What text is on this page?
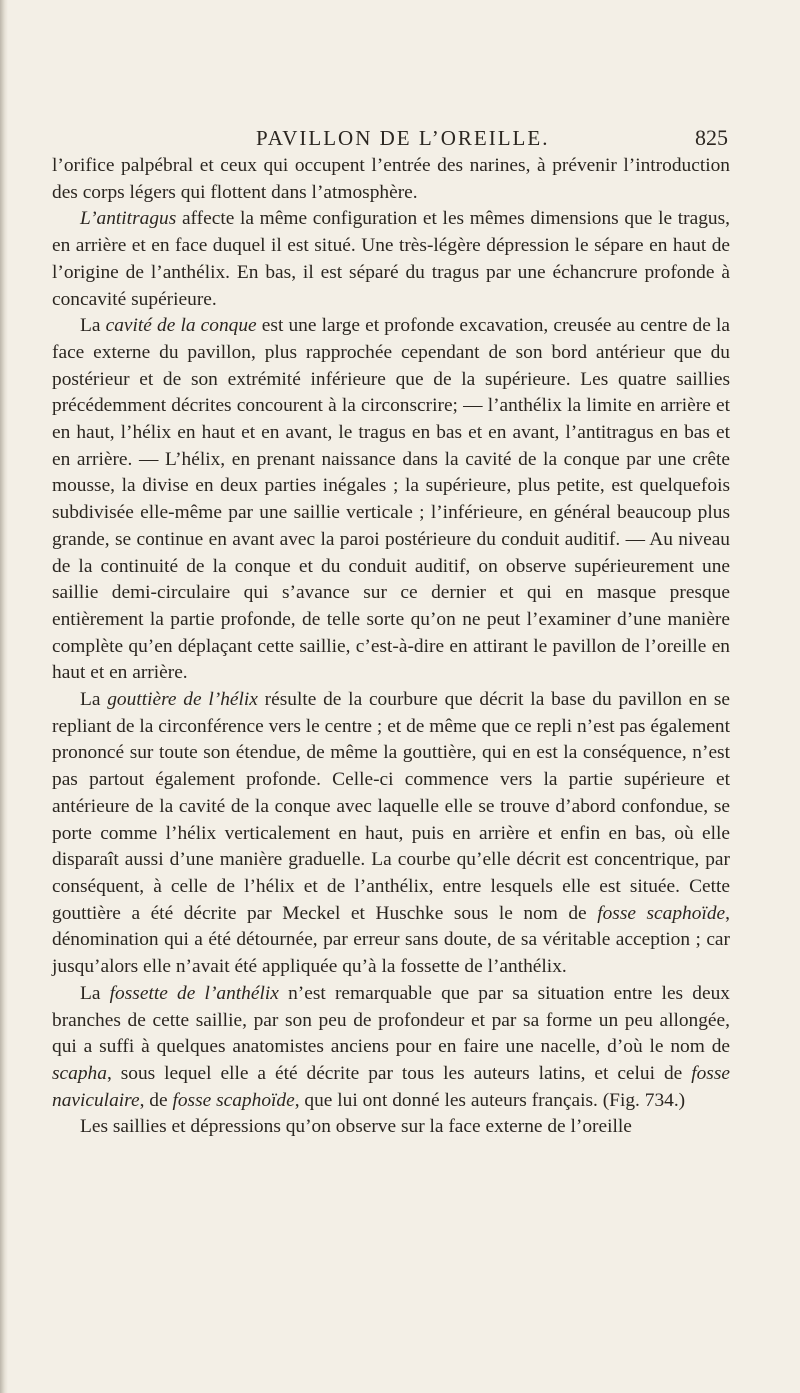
PAVILLON DE L’OREILLE.	825

l’orifice palpébral et ceux qui occupent l’entrée des narines, à prévenir l’introduction des corps légers qui flottent dans l’atmosphère.

L’antitragus affecte la même configuration et les mêmes dimensions que le tragus, en arrière et en face duquel il est situé. Une très-légère dépression le sépare en haut de l’origine de l’anthélix. En bas, il est séparé du tragus par une échancrure profonde à concavité supérieure.

La cavité de la conque est une large et profonde excavation, creusée au centre de la face externe du pavillon, plus rapprochée cependant de son bord antérieur que du postérieur et de son extrémité inférieure que de la supérieure. Les quatre saillies précédemment décrites concourent à la circonscrire; — l’anthélix la limite en arrière et en haut, l’hélix en haut et en avant, le tragus en bas et en avant, l’antitragus en bas et en arrière. — L’hélix, en prenant naissance dans la cavité de la conque par une crête mousse, la divise en deux parties inégales ; la supérieure, plus petite, est quelquefois subdivisée elle-même par une saillie verticale ; l’inférieure, en général beaucoup plus grande, se continue en avant avec la paroi postérieure du conduit auditif. — Au niveau de la continuité de la conque et du conduit auditif, on observe supérieurement une saillie demi-circulaire qui s’avance sur ce dernier et qui en masque presque entièrement la partie profonde, de telle sorte qu’on ne peut l’examiner d’une manière complète qu’en déplaçant cette saillie, c’est-à-dire en attirant le pavillon de l’oreille en haut et en arrière.

La gouttière de l’hélix résulte de la courbure que décrit la base du pavillon en se repliant de la circonférence vers le centre ; et de même que ce repli n’est pas également prononcé sur toute son étendue, de même la gouttière, qui en est la conséquence, n’est pas partout également profonde. Celle-ci commence vers la partie supérieure et antérieure de la cavité de la conque avec laquelle elle se trouve d’abord confondue, se porte comme l’hélix verticalement en haut, puis en arrière et enfin en bas, où elle disparaît aussi d’une manière graduelle. La courbe qu’elle décrit est concentrique, par conséquent, à celle de l’hélix et de l’anthélix, entre lesquels elle est située. Cette gouttière a été décrite par Meckel et Huschke sous le nom de fosse scaphoïde, dénomination qui a été détournée, par erreur sans doute, de sa véritable acception ; car jusqu’alors elle n’avait été appliquée qu’à la fossette de l’anthélix.

La fossette de l’anthélix n’est remarquable que par sa situation entre les deux branches de cette saillie, par son peu de profondeur et par sa forme un peu allongée, qui a suffi à quelques anatomistes anciens pour en faire une nacelle, d’où le nom de scapha, sous lequel elle a été décrite par tous les auteurs latins, et celui de fosse naviculaire, de fosse scaphoïde, que lui ont donné les auteurs français. (Fig. 734.)

Les saillies et dépressions qu’on observe sur la face externe de l’oreille
